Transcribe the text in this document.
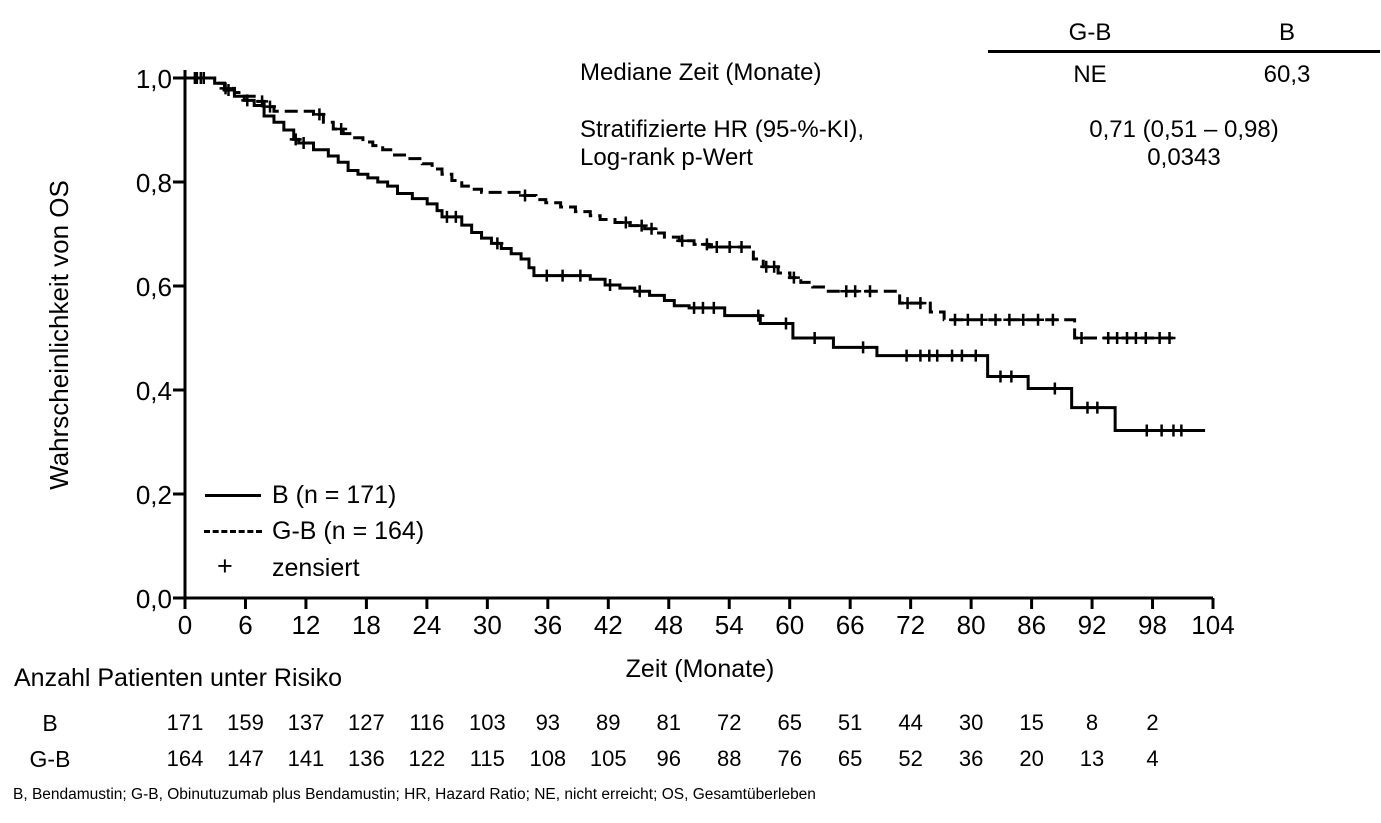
Mediane Zeit (Monate)
Stratifizierte HR (95-%-KI),
Log-rank p-Wert
G-B	B
NE	60,3
0,71 (0,51 – 0,98)
0,0343
Wahrscheinlichkeit von OS
Zeit (Monate)
B (n = 171)
G-B (n = 164)
+ zensiert
Anzahl Patienten unter Risiko
B	171	159	137	127	116	103	93	89	81	72	65	51	44	30	15	8	2
G-B	164	147	141	136	122	115	108	105	96	88	76	65	52	36	20	13	4
B, Bendamustin; G-B, Obinutuzumab plus Bendamustin; HR, Hazard Ratio; NE, nicht erreicht; OS, Gesamtüberleben
0	6	12	18	24	30	36	42	48	54	60	66	72	80	86	92	98 104
1,0
0,8
0,6
0,4
0,2
0,0
